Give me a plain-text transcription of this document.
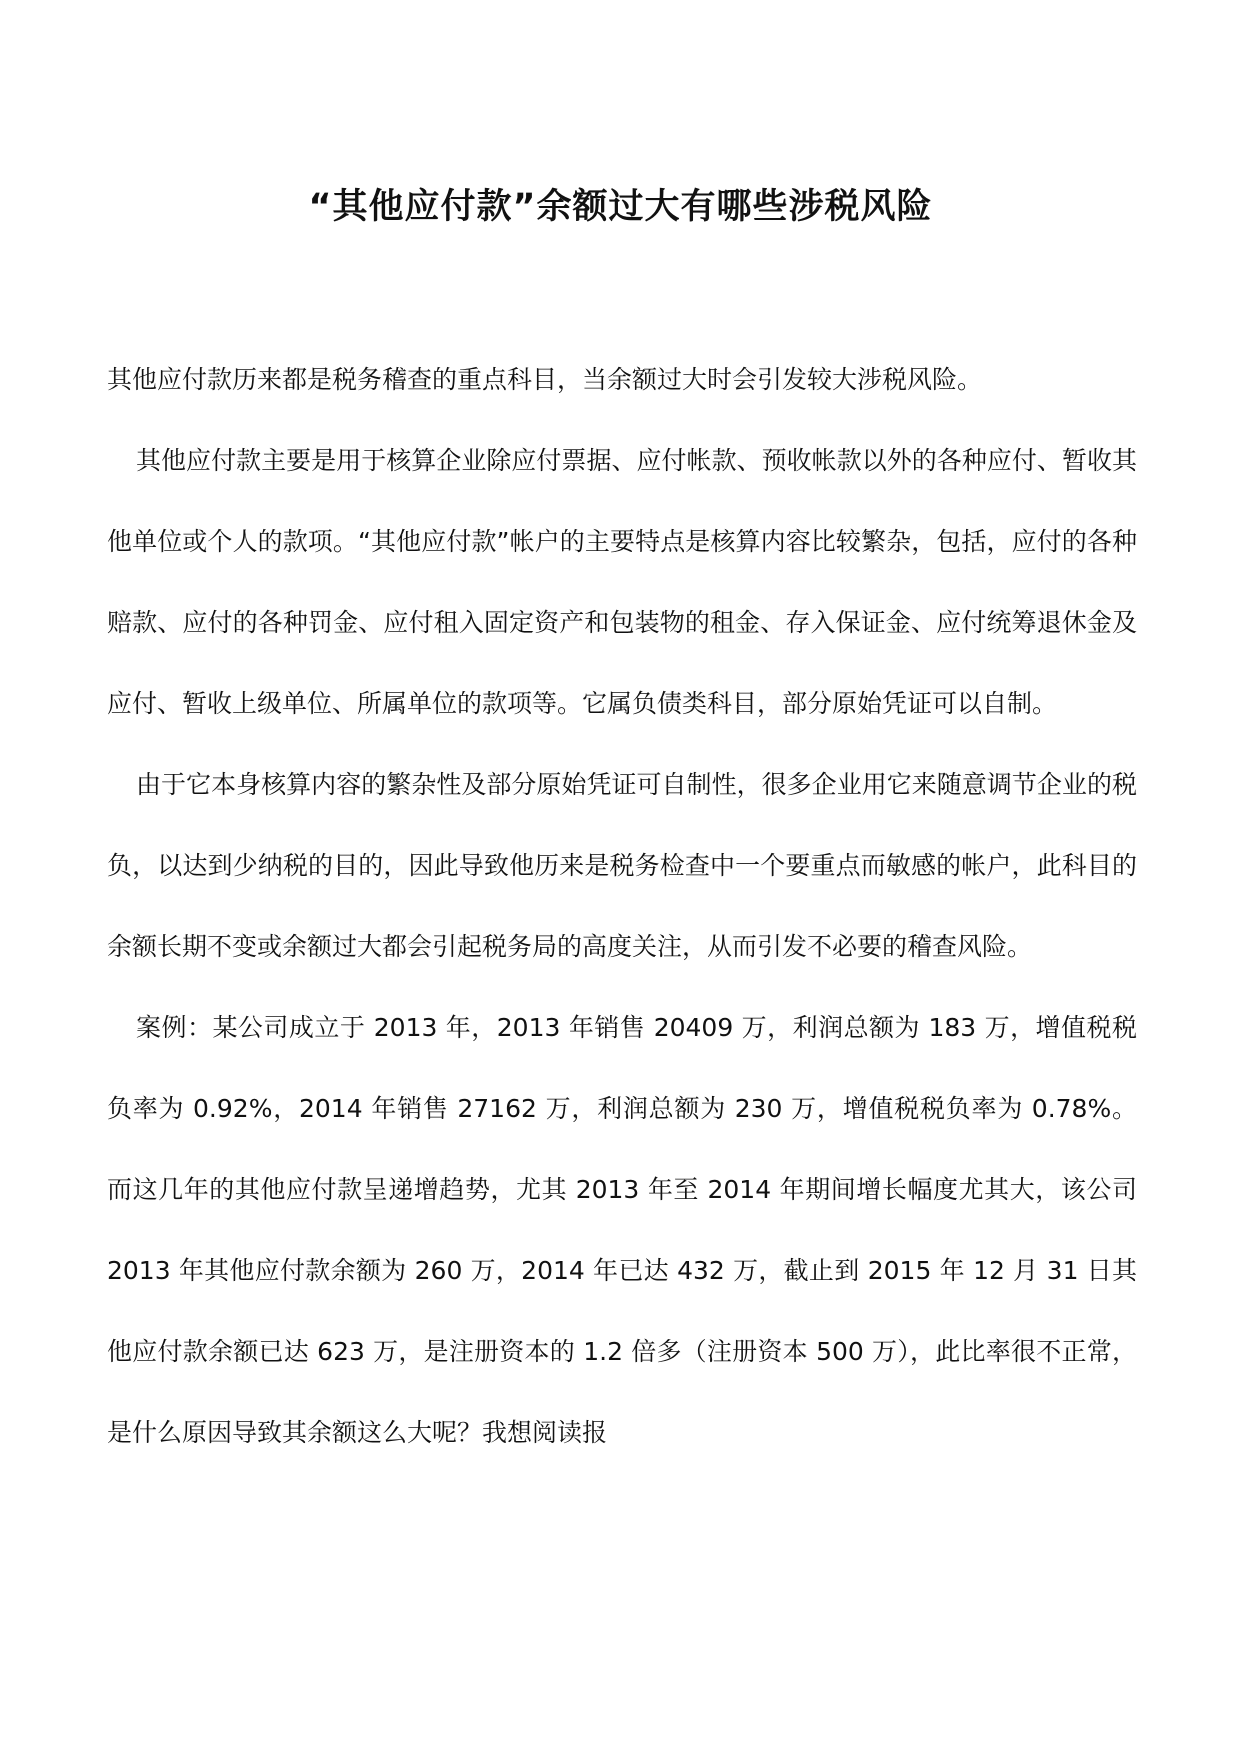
“其他应付款”余额过大有哪些涉税风险

其他应付款历来都是税务稽查的重点科目，当余额过大时会引发较大涉税风险。

其他应付款主要是用于核算企业除应付票据、应付帐款、预收帐款以外的各种应付、暂收其他单位或个人的款项。“其他应付款”帐户的主要特点是核算内容比较繁杂，包括，应付的各种赔款、应付的各种罚金、应付租入固定资产和包装物的租金、存入保证金、应付统筹退休金及应付、暂收上级单位、所属单位的款项等。它属负债类科目，部分原始凭证可以自制。

由于它本身核算内容的繁杂性及部分原始凭证可自制性，很多企业用它来随意调节企业的税负，以达到少纳税的目的，因此导致他历来是税务检查中一个要重点而敏感的帐户，此科目的余额长期不变或余额过大都会引起税务局的高度关注，从而引发不必要的稽查风险。

案例：某公司成立于 2013 年，2013 年销售 20409 万，利润总额为 183 万，增值税税负率为 0.92%，2014 年销售 27162 万，利润总额为 230 万，增值税税负率为 0.78%。而这几年的其他应付款呈递增趋势，尤其 2013 年至 2014 年期间增长幅度尤其大，该公司 2013 年其他应付款余额为 260 万，2014 年已达 432 万，截止到 2015 年 12 月 31 日其他应付款余额已达 623 万，是注册资本的 1.2 倍多（注册资本 500 万），此比率很不正常，是什么原因导致其余额这么大呢？我想阅读报
